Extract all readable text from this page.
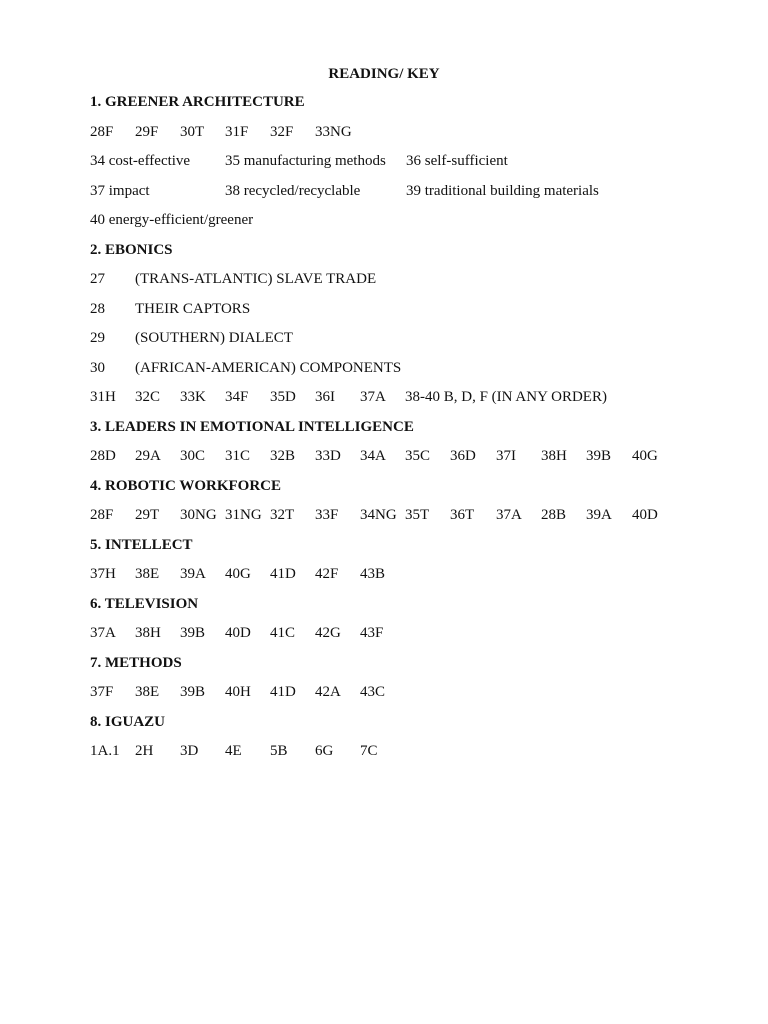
READING/ KEY
1. GREENER ARCHITECTURE
28F 29F 30T 31F 32F 33NG
34 cost-effective 35 manufacturing methods 36 self-sufficient
37 impact	38 recycled/recyclable	39 traditional building materials
40 energy-efficient/greener
2. EBONICS
27 (TRANS-ATLANTIC) SLAVE TRADE
28 THEIR CAPTORS
29 (SOUTHERN) DIALECT
30 (AFRICAN-AMERICAN) COMPONENTS
31H 32C 33K 34F 35D 36I 37A 38-40 B, D, F (IN ANY ORDER)
3. LEADERS IN EMOTIONAL INTELLIGENCE
28D 29A 30C 31C 32B 33D 34A 35C 36D 37I 38H 39B 40G
4. ROBOTIC WORKFORCE
28F 29T 30NG 31NG 32T 33F 34NG 35T 36T 37A 28B 39A 40D
5. INTELLECT
37H 38E 39A 40G 41D 42F 43B
6. TELEVISION
37A 38H 39B 40D 41C 42G 43F
7. METHODS
37F 38E 39B 40H 41D 42A 43C
8. IGUAZU
1A.1 2H 3D 4E 5B 6G 7C
